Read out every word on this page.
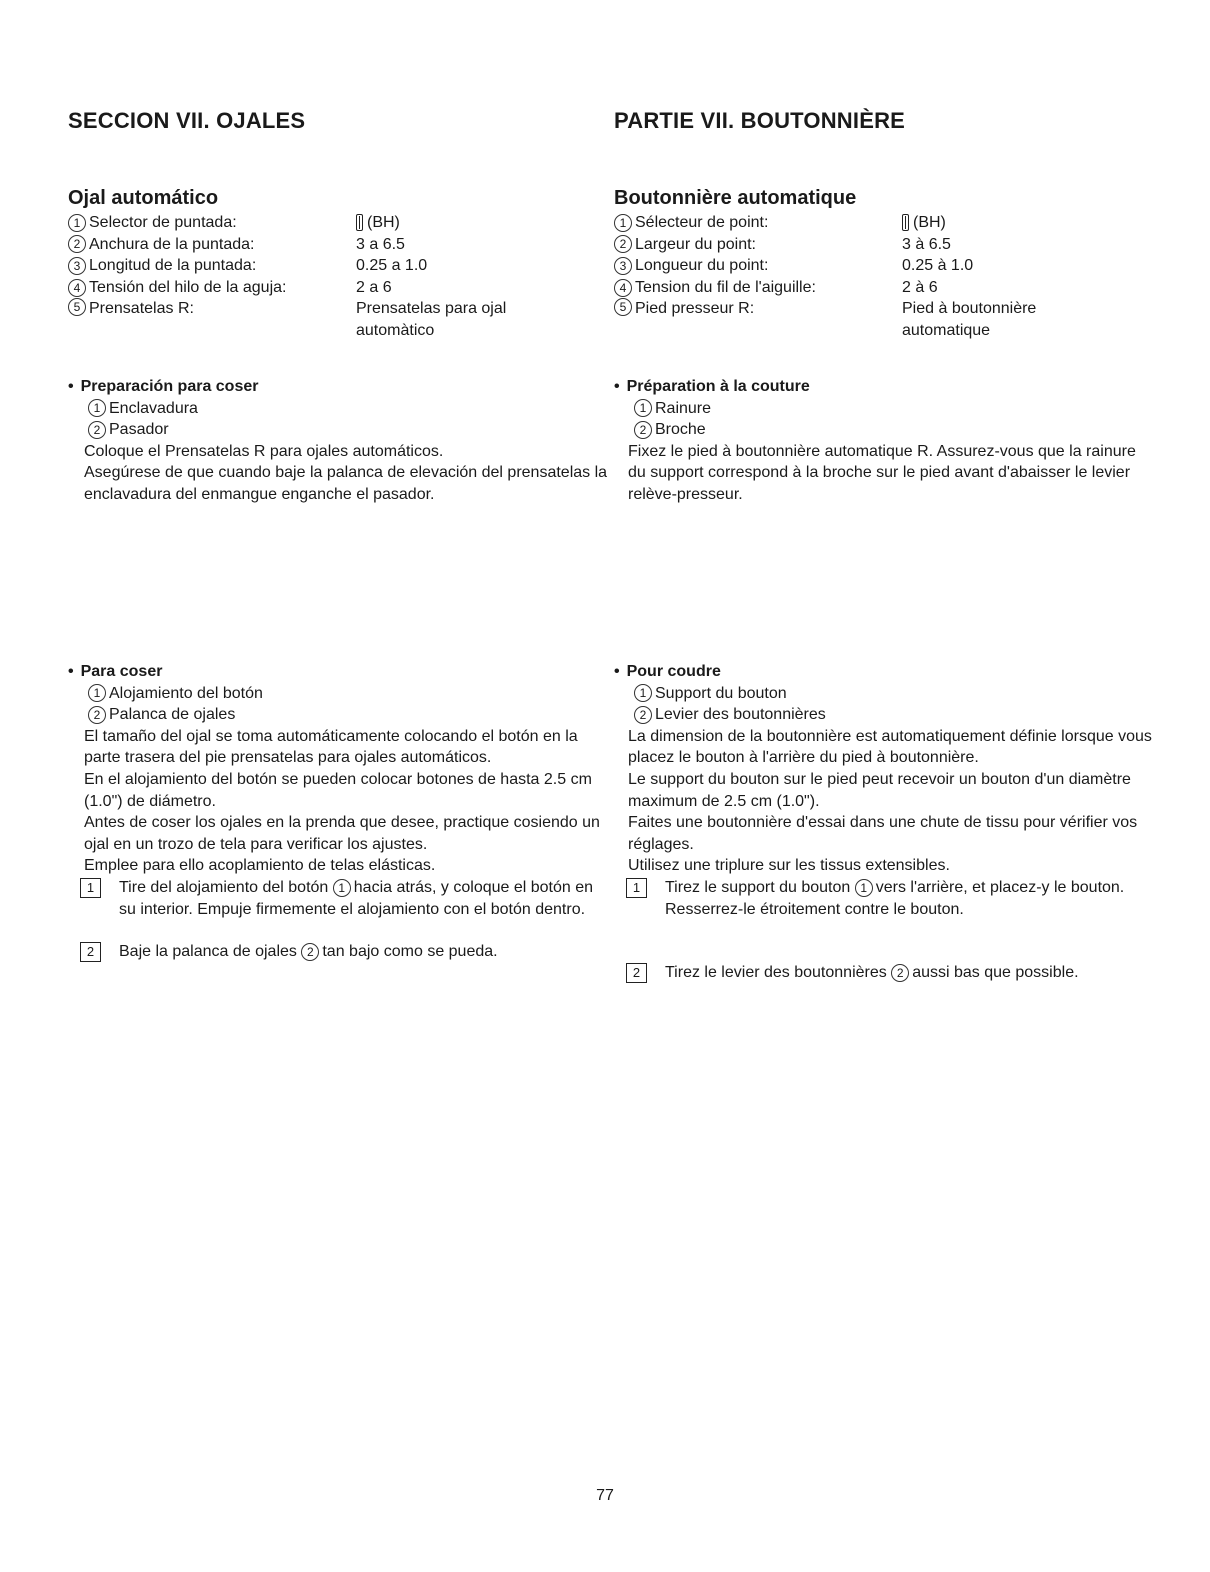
SECCION VII. OJALES
Ojal automático
1 Selector de puntada:	(BH)
2 Anchura de la puntada:	3 a 6.5
3 Longitud de la puntada:	0.25 a 1.0
4 Tensión del hilo de la aguja:	2 a 6
5 Prensatelas R:	Prensatelas para ojal
automàtico
• Preparación para coser
1 Enclavadura
2 Pasador
Coloque el Prensatelas R para ojales automáticos.
Asegúrese de que cuando baje la palanca de elevación del prensatelas la enclavadura del enmangue enganche el pasador.
• Para coser
1 Alojamiento del botón
2 Palanca de ojales
El tamaño del ojal se toma automáticamente colocando el botón en la parte trasera del pie prensatelas para ojales automáticos.
En el alojamiento del botón se pueden colocar botones de hasta 2.5 cm (1.0") de diámetro.
Antes de coser los ojales en la prenda que desee, practique cosiendo un ojal en un trozo de tela para verificar los ajustes.
Emplee para ello acoplamiento de telas elásticas.
1	Tire del alojamiento del botón 1 hacia atrás, y coloque el botón en su interior. Empuje firmemente el alojamiento con el botón dentro.
2	Baje la palanca de ojales 2 tan bajo como se pueda.
PARTIE VII. BOUTONNIÈRE
Boutonnière automatique
1 Sélecteur de point:	(BH)
2 Largeur du point:	3 à 6.5
3 Longueur du point:	0.25 à 1.0
4 Tension du fil de l'aiguille:	2 à 6
5 Pied presseur R:	Pied à boutonnière
automatique
• Préparation à la couture
1 Rainure
2 Broche
Fixez le pied à boutonnière automatique R. Assurez-vous que la rainure du support correspond à la broche sur le pied avant d'abaisser le levier relève-presseur.
• Pour coudre
1 Support du bouton
2 Levier des boutonnières
La dimension de la boutonnière est automatiquement définie lorsque vous placez le bouton à l'arrière du pied à boutonnière.
Le support du bouton sur le pied peut recevoir un bouton d'un diamètre maximum de 2.5 cm (1.0").
Faites une boutonnière d'essai dans une chute de tissu pour vérifier vos réglages.
Utilisez une triplure sur les tissus extensibles.
1	Tirez le support du bouton 1 vers l'arrière, et placez-y le bouton. Resserrez-le étroitement contre le bouton.
2	Tirez le levier des boutonnières 2 aussi bas que possible.
77
